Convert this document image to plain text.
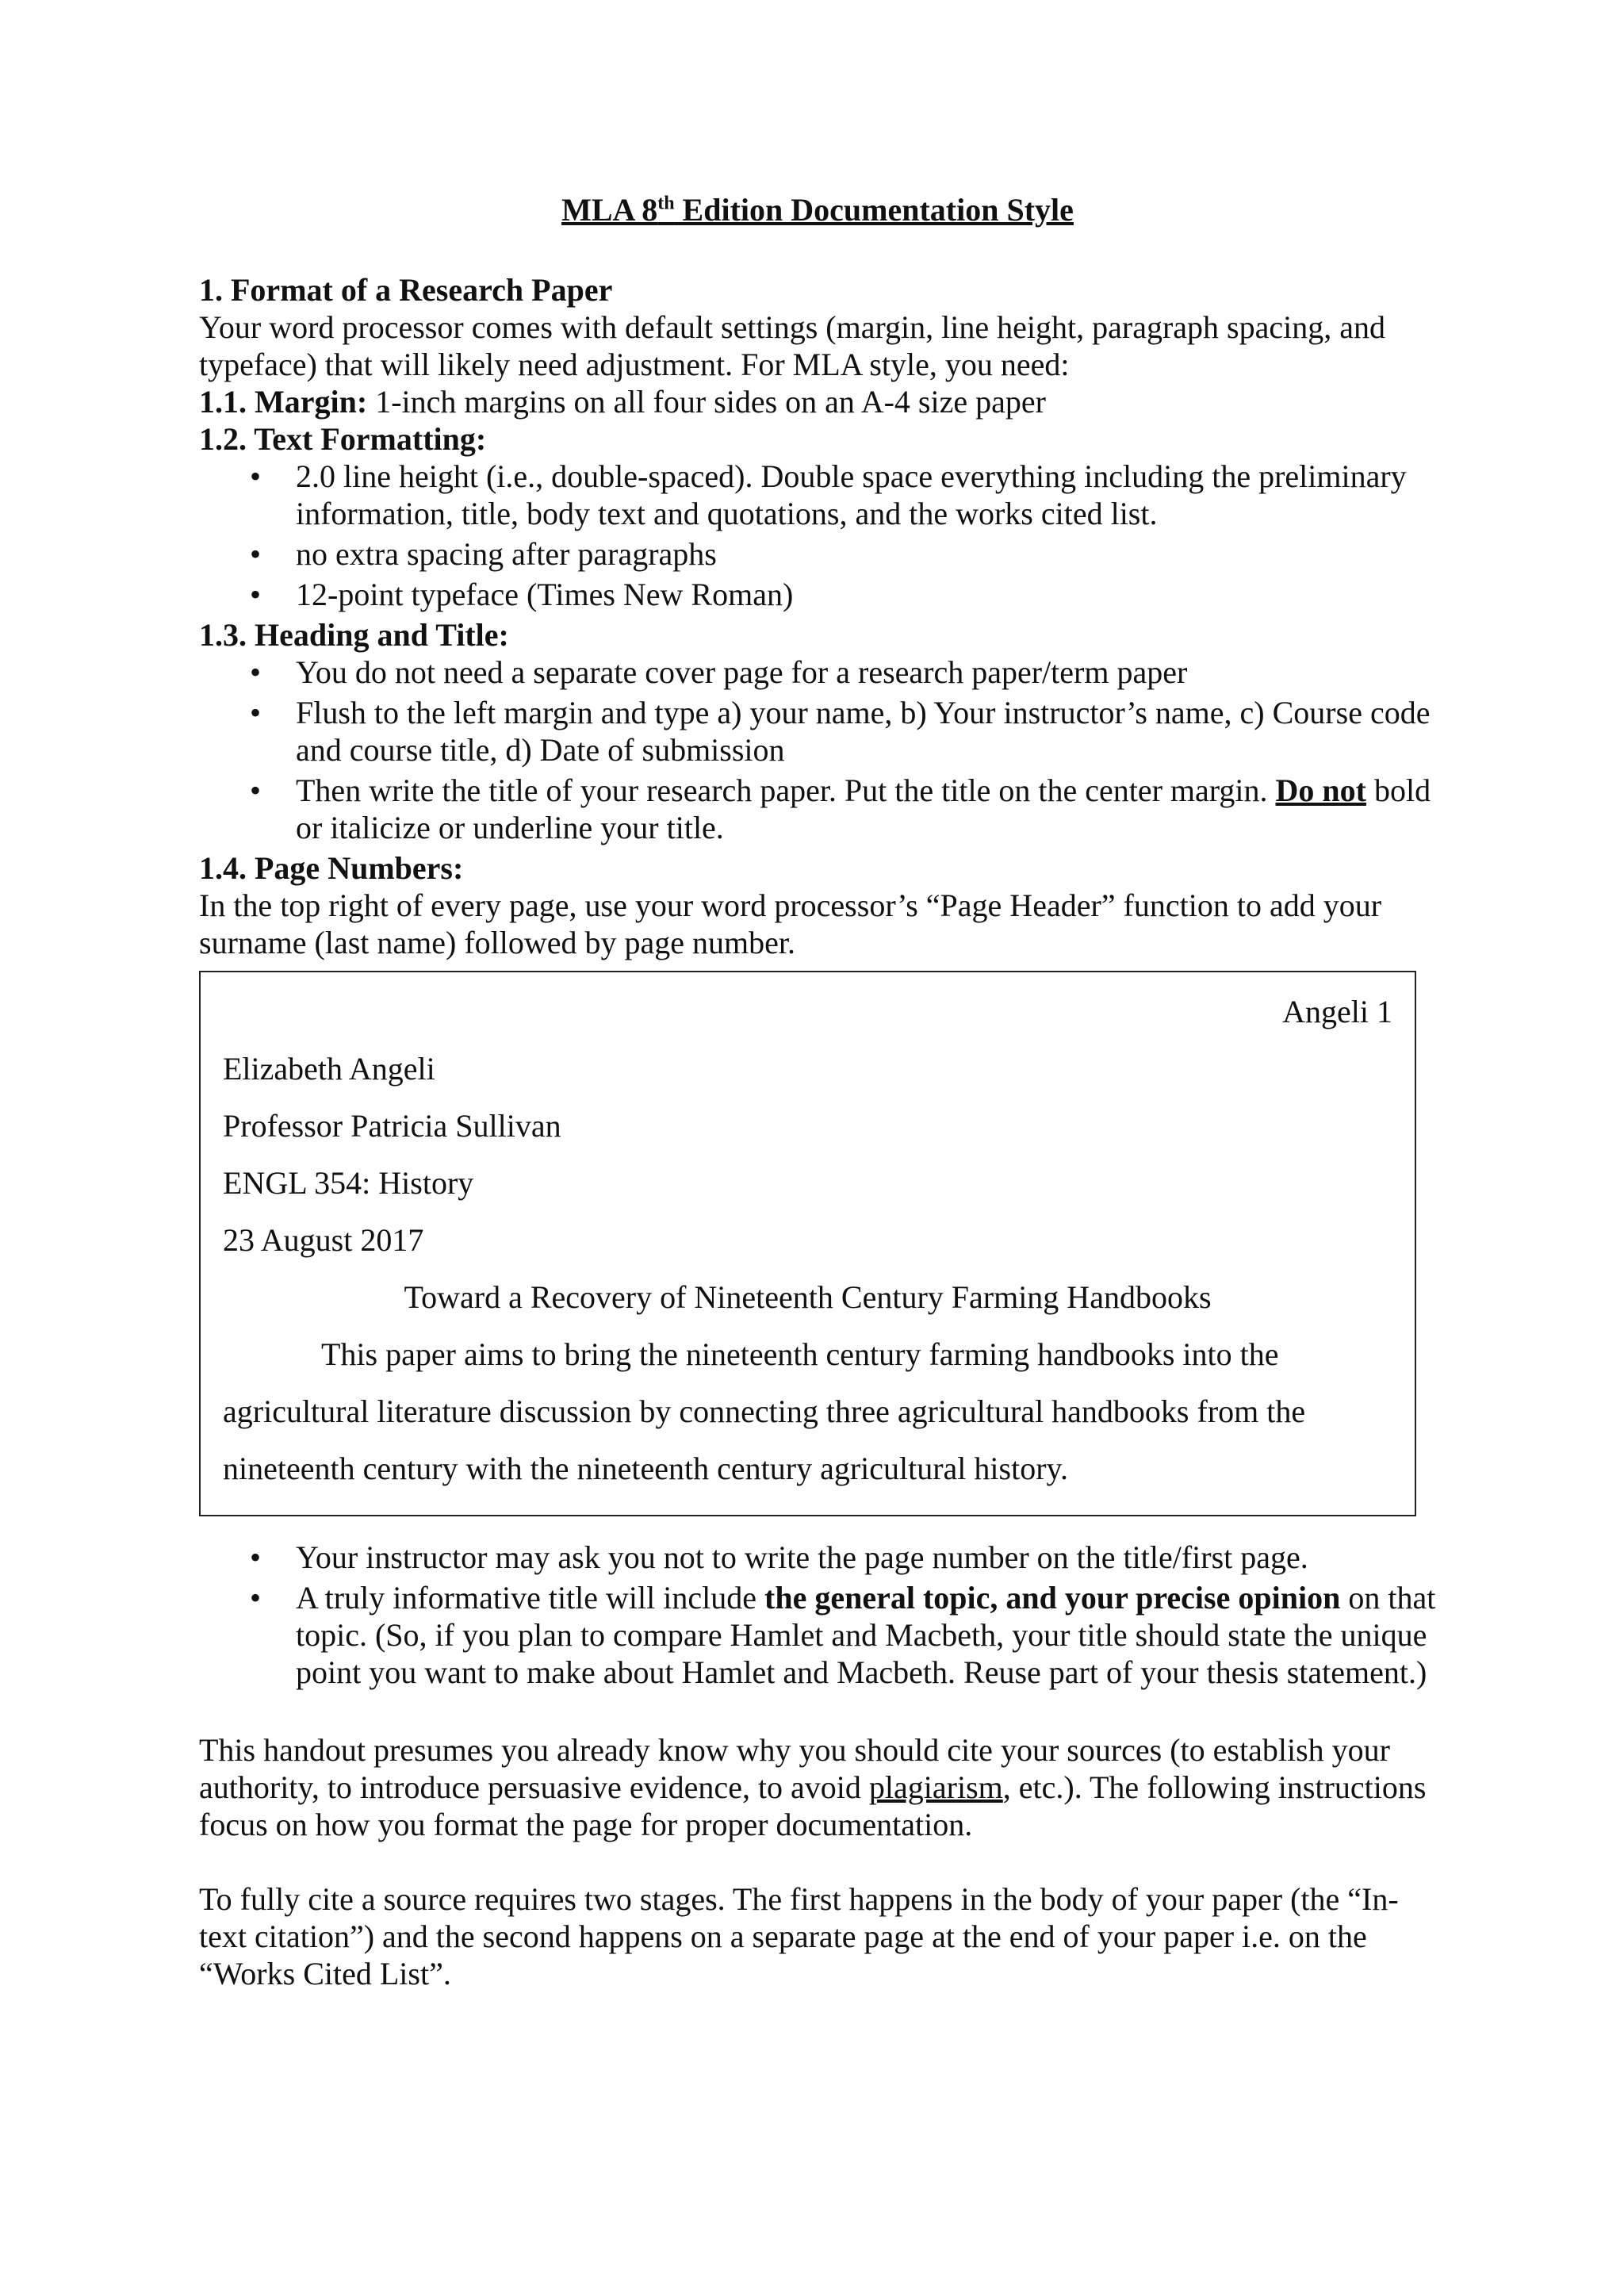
MLA 8th Edition Documentation Style

1. Format of a Research Paper

Your word processor comes with default settings (margin, line height, paragraph spacing, and typeface) that will likely need adjustment. For MLA style, you need:

1.1. Margin: 1-inch margins on all four sides on an A-4 size paper

1.2. Text Formatting:

• 2.0 line height (i.e., double-spaced). Double space everything including the preliminary information, title, body text and quotations, and the works cited list.
• no extra spacing after paragraphs
• 12-point typeface (Times New Roman)

1.3. Heading and Title:

• You do not need a separate cover page for a research paper/term paper
• Flush to the left margin and type a) your name, b) Your instructor’s name, c) Course code and course title, d) Date of submission
• Then write the title of your research paper. Put the title on the center margin. Do not bold or italicize or underline your title.

1.4. Page Numbers:

In the top right of every page, use your word processor’s “Page Header” function to add your surname (last name) followed by page number.

Angeli 1
Elizabeth Angeli
Professor Patricia Sullivan
ENGL 354: History
23 August 2017
Toward a Recovery of Nineteenth Century Farming Handbooks
This paper aims to bring the nineteenth century farming handbooks into the
agricultural literature discussion by connecting three agricultural handbooks from the
nineteenth century with the nineteenth century agricultural history.
• Your instructor may ask you not to write the page number on the title/first page.
• A truly informative title will include the general topic, and your precise opinion on that topic. (So, if you plan to compare Hamlet and Macbeth, your title should state the unique point you want to make about Hamlet and Macbeth. Reuse part of your thesis statement.)

This handout presumes you already know why you should cite your sources (to establish your authority, to introduce persuasive evidence, to avoid plagiarism, etc.). The following instructions focus on how you format the page for proper documentation.

To fully cite a source requires two stages. The first happens in the body of your paper (the “In-text citation”) and the second happens on a separate page at the end of your paper i.e. on the “Works Cited List”.
